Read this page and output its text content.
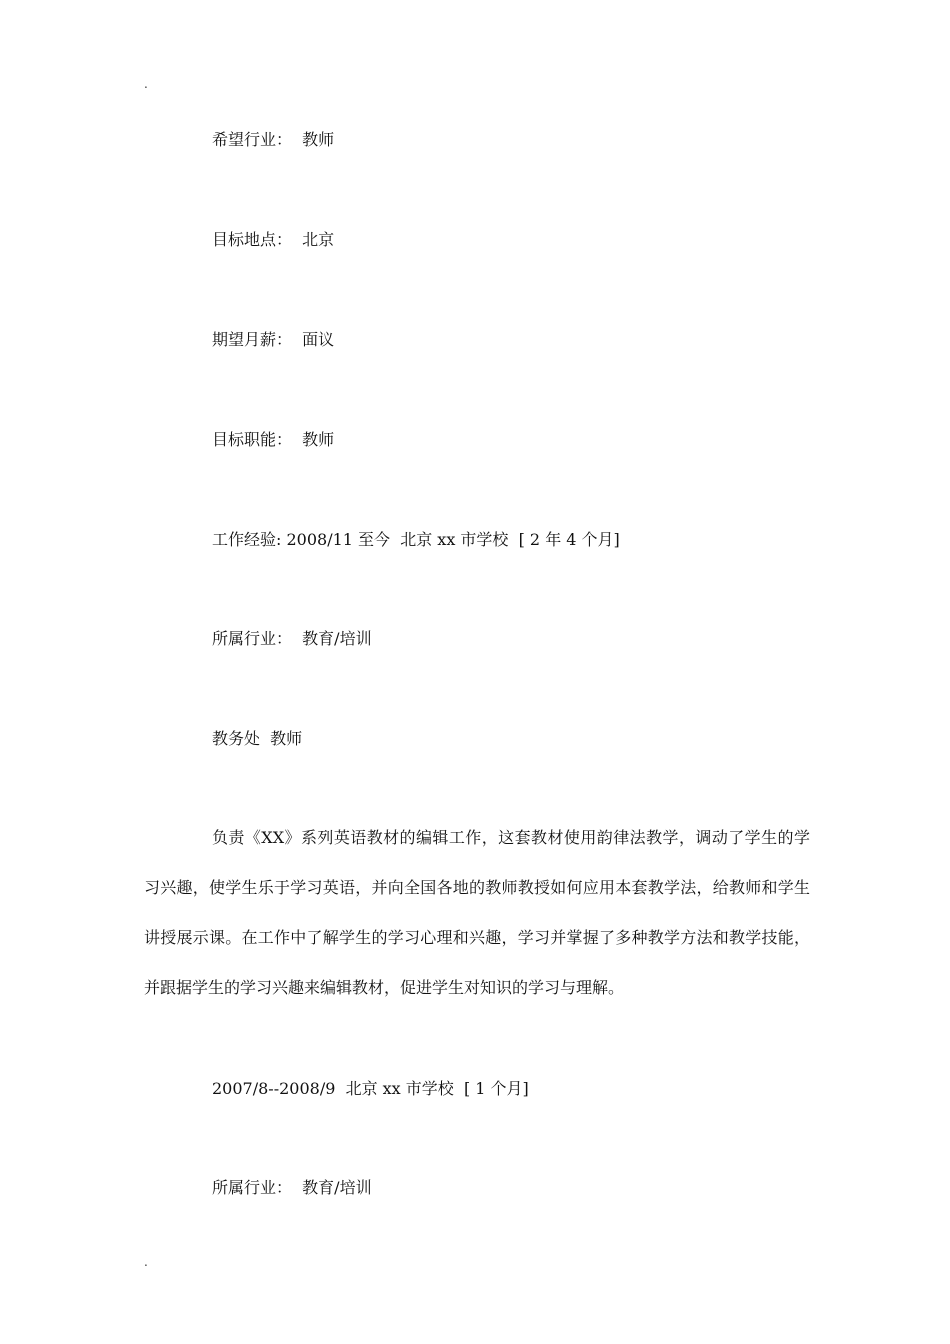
.
希望行业：  教师
目标地点：  北京
期望月薪：  面议
目标职能：  教师
工作经验: 2008/11 至今  北京 xx 市学校  [ 2 年 4 个月]
所属行业：  教育/培训
教务处  教师

负责《XX》系列英语教材的编辑工作，这套教材使用韵律法教学，调动了学生的学习兴趣，使学生乐于学习英语，并向全国各地的教师教授如何应用本套教学法，给教师和学生讲授展示课。在工作中了解学生的学习心理和兴趣，学习并掌握了多种教学方法和教学技能，并跟据学生的学习兴趣来编辑教材，促进学生对知识的学习与理解。

2007/8--2008/9  北京 xx 市学校  [ 1 个月]
所属行业：  教育/培训
.
